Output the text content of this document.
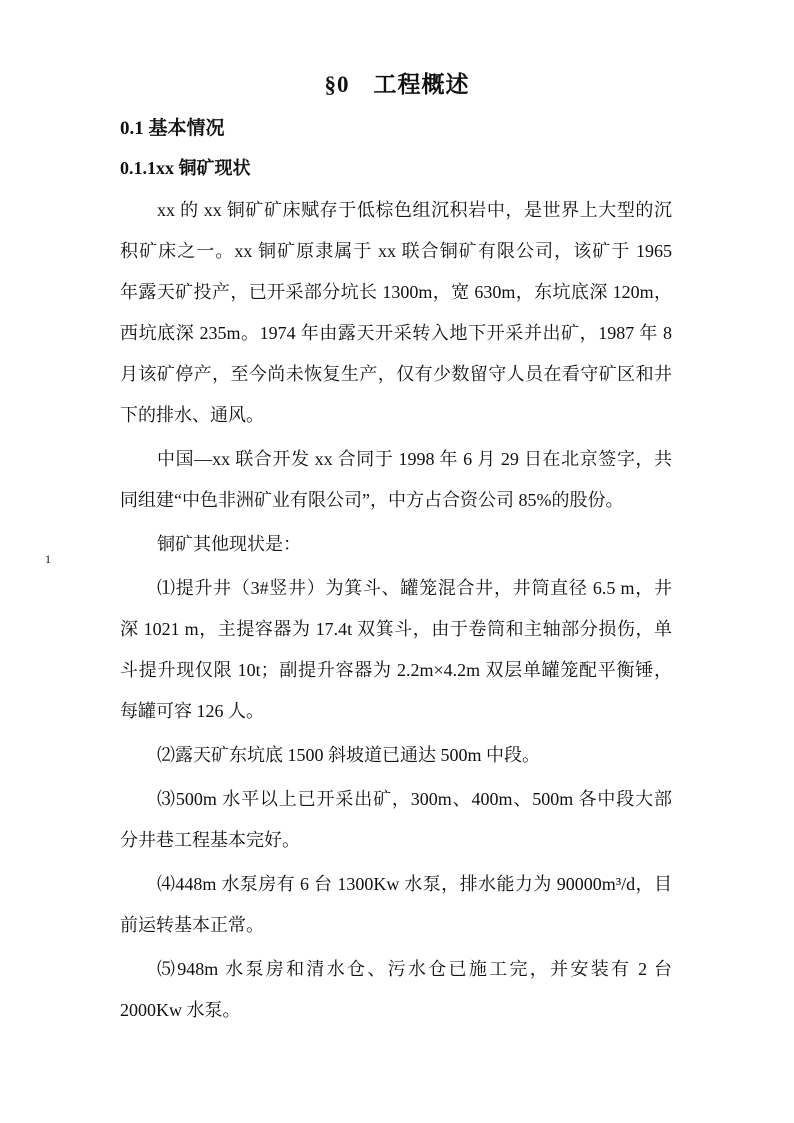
§0　工程概述
0.1 基本情况
0.1.1xx 铜矿现状
1
xx 的 xx 铜矿矿床赋存于低棕色组沉积岩中，是世界上大型的沉
积矿床之一。xx 铜矿原隶属于 xx 联合铜矿有限公司，该矿于 1965
年露天矿投产，已开采部分坑长 1300m，宽 630m，东坑底深 120m，
西坑底深 235m。1974 年由露天开采转入地下开采并出矿，1987 年 8
月该矿停产，至今尚未恢复生产，仅有少数留守人员在看守矿区和井
下的排水、通风。
中国—xx 联合开发 xx 合同于 1998 年 6 月 29 日在北京签字，共
同组建“中色非洲矿业有限公司”，中方占合资公司 85%的股份。
铜矿其他现状是：
⑴提升井（3#竖井）为箕斗、罐笼混合井，井筒直径 6.5 m，井
深 1021 m，主提容器为 17.4t 双箕斗，由于卷筒和主轴部分损伤，单
斗提升现仅限 10t；副提升容器为 2.2m×4.2m 双层单罐笼配平衡锤，
每罐可容 126 人。
⑵露天矿东坑底 1500 斜坡道已通达 500m 中段。
⑶500m 水平以上已开采出矿，300m、400m、500m 各中段大部
分井巷工程基本完好。
⑷448m 水泵房有 6 台 1300Kw 水泵，排水能力为 90000m³/d，目
前运转基本正常。
⑸948m 水泵房和清水仓、污水仓已施工完，并安装有 2 台
2000Kw 水泵。
